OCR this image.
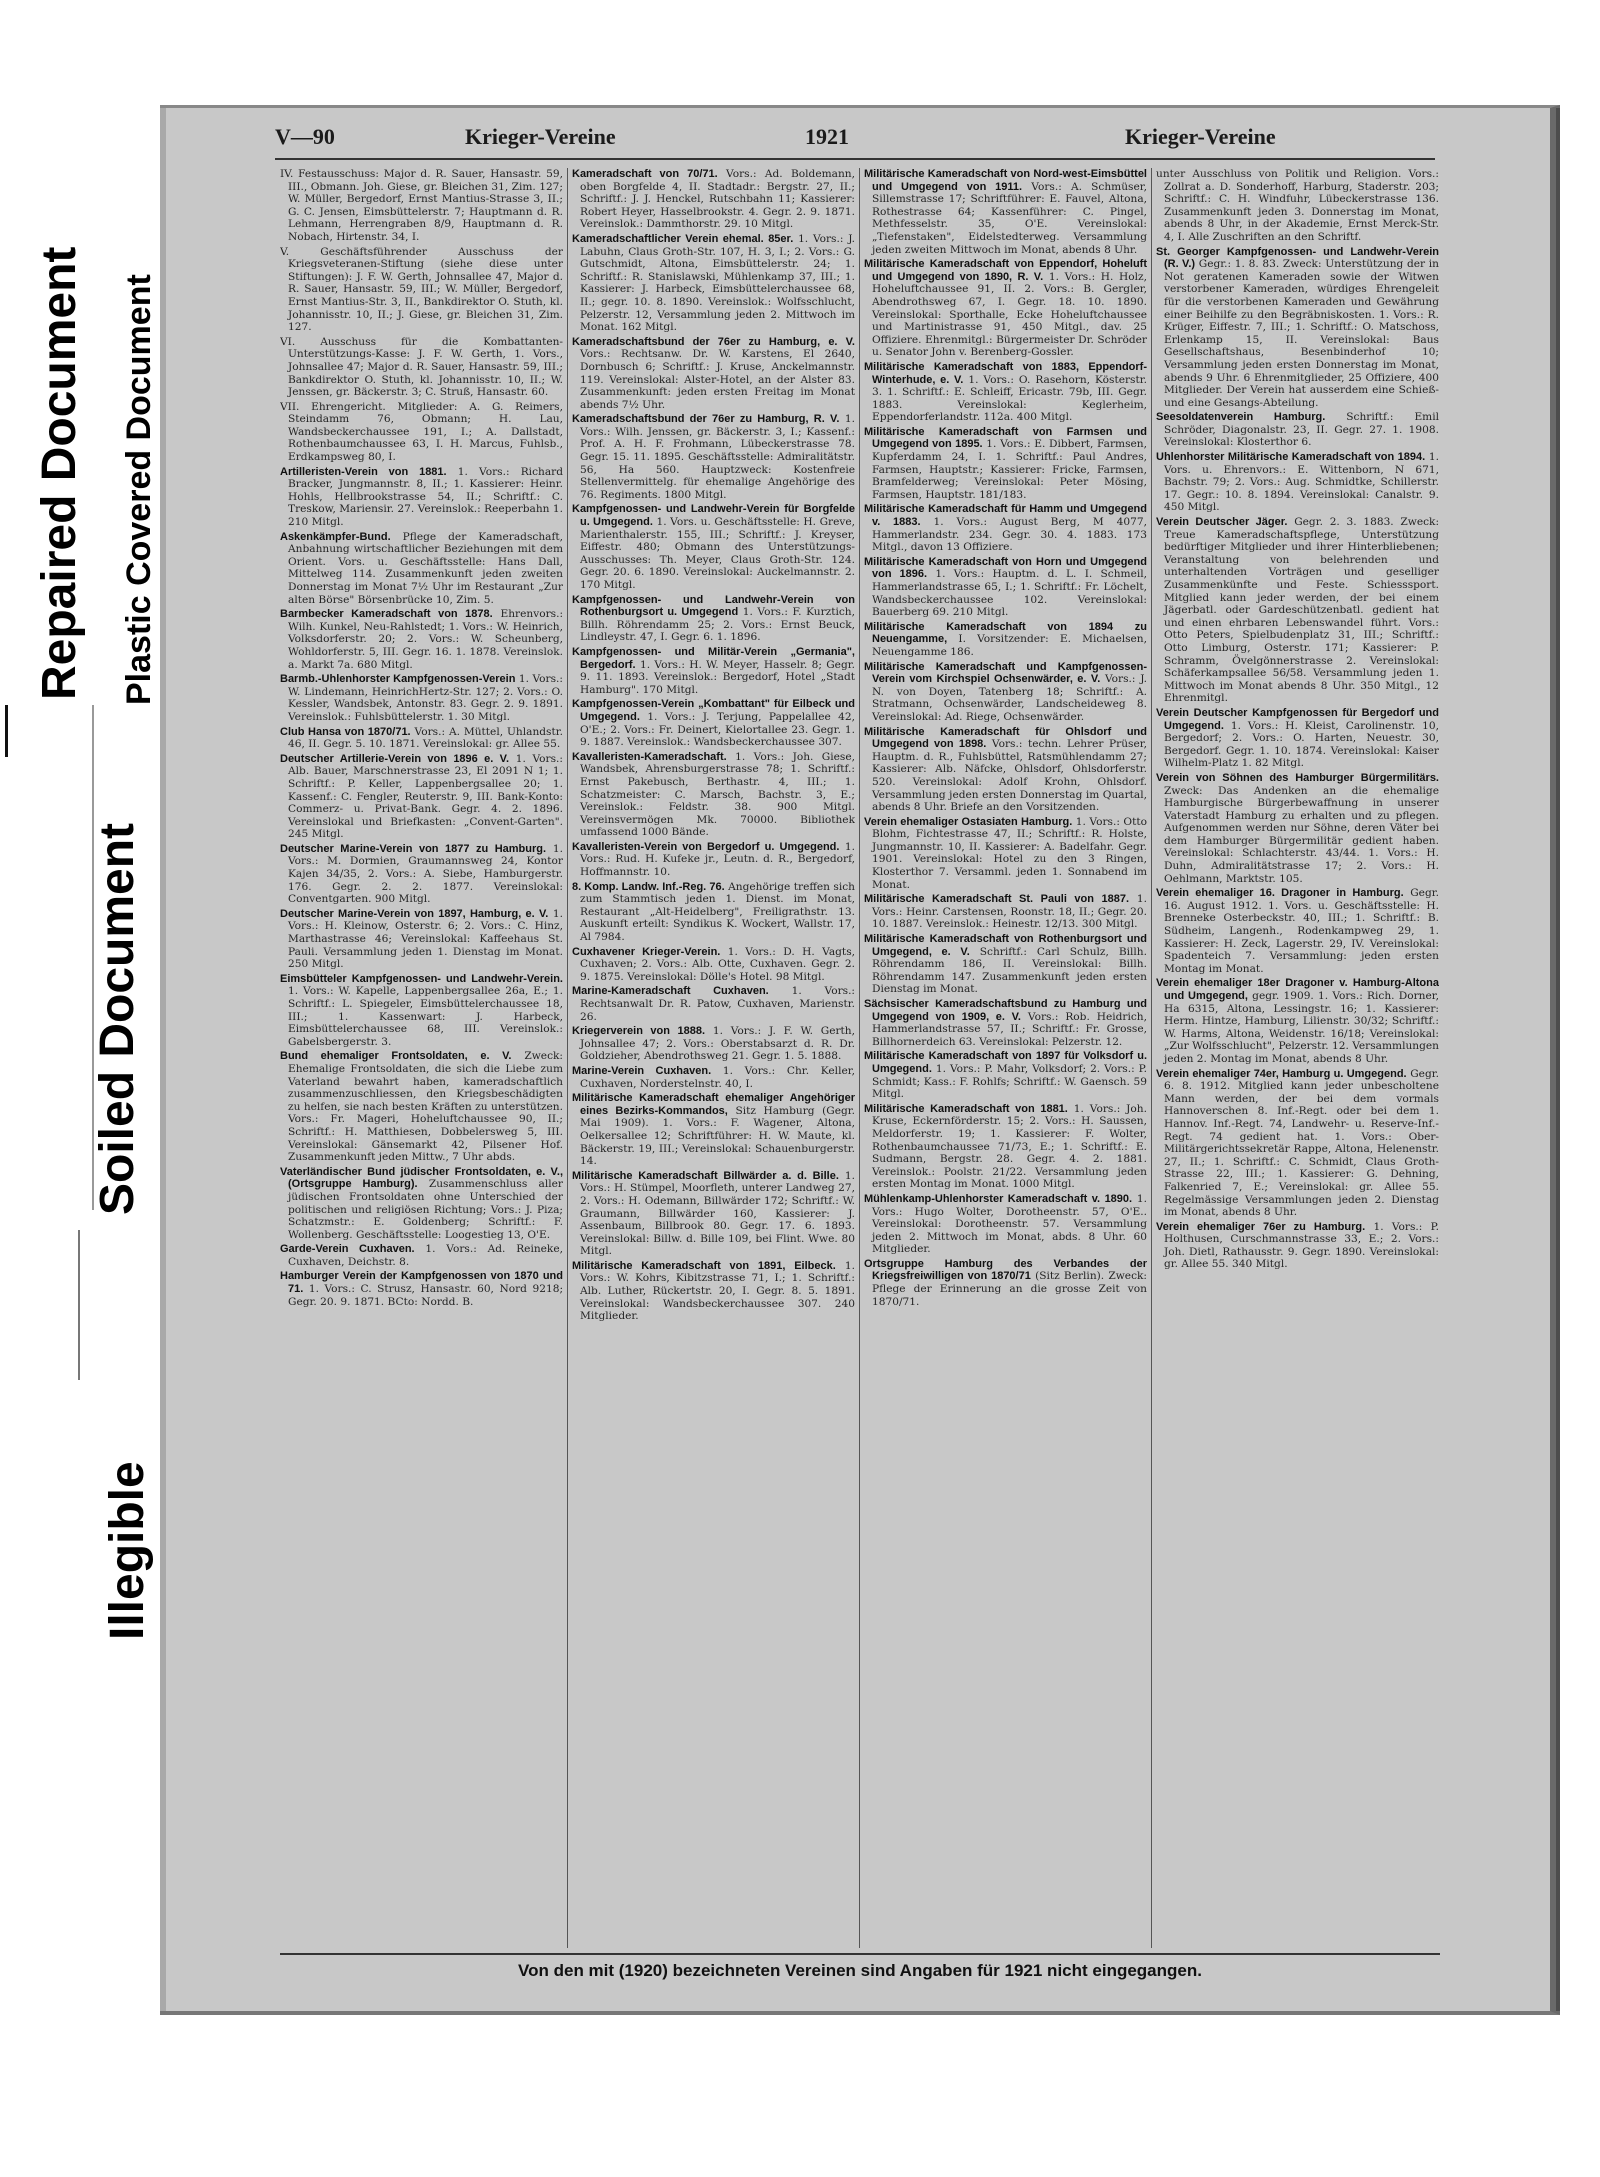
Repaired Document Plastic Covered Document
Soiled Document
Illegible
V—90	Krieger-Vereine	1921	Krieger-Vereine
IV. Festausschuss: Major d. R. Sauer, Hansastr. 59, III., Obmann. Joh. Giese, gr. Bleichen 31, Zim. 127; W. Müller, Bergedorf, Ernst Mantius-Strasse 3, II.; G. C. Jensen, Eimsbüttelerstr. 7; Hauptmann d. R. Lehmann, Herrengraben 8/9, Hauptmann d. R. Nobach, Hirtenstr. 34, I.
V. Geschäftsführender Ausschuss der Kriegsveteranen-Stiftung (siehe diese unter Stiftungen): J. F. W. Gerth, Johnsallee 47, Major d. R. Sauer, Hansastr. 59, III.; W. Müller, Bergedorf, Ernst Mantius-Str. 3, II., Bankdirektor O. Stuth, kl. Johannisstr. 10, II.; J. Giese, gr. Bleichen 31, Zim. 127.
VI. Ausschuss für die Kombattanten-Unterstützungs-Kasse: J. F. W. Gerth, 1. Vors., Johnsallee 47; Major d. R. Sauer, Hansastr. 59, III.; Bankdirektor O. Stuth, kl. Johannisstr. 10, II.; W. Jenssen, gr. Bäckerstr. 3; C. Struß, Hansastr. 60.
VII. Ehrengericht. Mitglieder: A. G. Reimers, Steindamm 76, Obmann; H. Lau, Wandsbeckerchaussee 191, I.; A. Dallstadt, Rothenbaumchaussee 63, I. H. Marcus, Fuhlsb., Erdkampsweg 80, I.
Artilleristen-Verein von 1881. 1. Vors.: Richard Bracker, Jungmannstr. 8, II.; 1. Kassierer: Heinr. Hohls, Hellbrookstrasse 54, II.; Schriftf.: C. Treskow, Mariensir. 27. Vereinslok.: Reeperbahn 1. 210 Mitgl.
Askenkämpfer-Bund. Pflege der Kameradschaft, Anbahnung wirtschaftlicher Beziehungen mit dem Orient. Vors. u. Geschäftsstelle: Hans Dall, Mittelweg 114. Zusammenkunft jeden zweiten Donnerstag im Monat 7½ Uhr im Restaurant „Zur alten Börse" Börsenbrücke 10, Zim. 5.
Barmbecker Kameradschaft von 1878. Ehrenvors.: Wilh. Kunkel, Neu-Rahlstedt; 1. Vors.: W. Heinrich, Volksdorferstr. 20; 2. Vors.: W. Scheunberg, Wohldorferstr. 5, III. Gegr. 16. 1. 1878. Vereinslok. a. Markt 7a. 680 Mitgl.
Barmb.-Uhlenhorster Kampfgenossen-Verein 1. Vors.: W. Lindemann, HeinrichHertz-Str. 127; 2. Vors.: O. Kessler, Wandsbek, Antonstr. 83. Gegr. 2. 9. 1891. Vereinslok.: Fuhlsbüttelerstr. 1. 30 Mitgl.
Club Hansa von 1870/71. Vors.: A. Müttel, Uhlandstr. 46, II. Gegr. 5. 10. 1871. Vereinslokal: gr. Allee 55.
Deutscher Artillerie-Verein von 1896 e. V. 1. Vors.: Alb. Bauer, Marschnerstrasse 23, El 2091 N 1; 1. Schriftf.: P. Keller, Lappenbergsallee 20; 1. Kassenf.: C. Fengler, Reuterstr. 9, III. Bank-Konto: Commerz- u. Privat-Bank. Gegr. 4. 2. 1896. Vereinslokal und Briefkasten: „Convent-Garten". 245 Mitgl.
Deutscher Marine-Verein von 1877 zu Hamburg. 1. Vors.: M. Dormien, Graumannsweg 24, Kontor Kajen 34/35, 2. Vors.: A. Siebe, Hamburgerstr. 176. Gegr. 2. 2. 1877. Vereinslokal: Conventgarten. 900 Mitgl.
Deutscher Marine-Verein von 1897, Hamburg, e. V. 1. Vors.: H. Kleinow, Osterstr. 6; 2. Vors.: C. Hinz, Marthastrasse 46; Vereinslokal: Kaffeehaus St. Pauli. Versammlung jeden 1. Dienstag im Monat. 250 Mitgl.
Eimsbütteler Kampfgenossen- und Landwehr-Verein. 1. Vors.: W. Kapelle, Lappenbergsallee 26a, E.; 1. Schriftf.: L. Spiegeler, Eimsbüttelerchaussee 18, III.; 1. Kassenwart: J. Harbeck, Eimsbüttelerchaussee 68, III. Vereinslok.: Gabelsbergerstr. 3.
Bund ehemaliger Frontsoldaten, e. V. Zweck: Ehemalige Frontsoldaten, die sich die Liebe zum Vaterland bewahrt haben, kameradschaftlich zusammenzuschliessen, den Kriegsbeschädigten zu helfen, sie nach besten Kräften zu unterstützen. Vors.: Fr. Mageri, Hoheluftchaussee 90, II.; Schriftf.: H. Matthiesen, Dobbelersweg 5, III. Vereinslokal: Gänsemarkt 42, Pilsener Hof. Zusammenkunft jeden Mittw., 7 Uhr abds.
Vaterländischer Bund jüdischer Frontsoldaten, e. V., (Ortsgruppe Hamburg). Zusammenschluss aller jüdischen Frontsoldaten ohne Unterschied der politischen und religiösen Richtung; Vors.: J. Piza; Schatzmstr.: E. Goldenberg; Schriftf.: F. Wollenberg. Geschäftsstelle: Loogestieg 13, O'E.
Garde-Verein Cuxhaven. 1. Vors.: Ad. Reineke, Cuxhaven, Deichstr. 8.
Hamburger Verein der Kampfgenossen von 1870 und 71. 1. Vors.: C. Strusz, Hansastr. 60, Nord 9218; Gegr. 20. 9. 1871. BCto: Nordd. B.
Kameradschaft von 70/71. Vors.: Ad. Boldemann, oben Borgfelde 4, II. Stadtadr.: Bergstr. 27, II.; Schriftf.: J. J. Henckel, Rutschbahn 11; Kassierer: Robert Heyer, Hasselbrookstr. 4. Gegr. 2. 9. 1871. Vereinslok.: Dammthorstr. 29. 10 Mitgl.
Kameradschaftlicher Verein ehemal. 85er. 1. Vors.: J. Labuhn, Claus Groth-Str. 107, H. 3, I.; 2. Vors.: G. Gutschmidt, Altona, Eimsbüttelerstr. 24; 1. Schriftf.: R. Stanislawski, Mühlenkamp 37, III.; 1. Kassierer: J. Harbeck, Eimsbüttelerchaussee 68, II.; gegr. 10. 8. 1890. Vereinslok.: Wolfsschlucht, Pelzerstr. 12, Versammlung jeden 2. Mittwoch im Monat. 162 Mitgl.
Kameradschaftsbund der 76er zu Hamburg, e. V. Vors.: Rechtsanw. Dr. W. Karstens, El 2640, Dornbusch 6; Schriftf.: J. Kruse, Anckelmannstr. 119. Vereinslokal: Alster-Hotel, an der Alster 83. Zusammenkunft: jeden ersten Freitag im Monat abends 7½ Uhr.
Kameradschaftsbund der 76er zu Hamburg, R. V. 1. Vors.: Wilh. Jenssen, gr. Bäckerstr. 3, I.; Kassenf.: Prof. A. H. F. Frohmann, Lübeckerstrasse 78. Gegr. 15. 11. 1895. Geschäftsstelle: Admiralitätstr. 56, Ha 560. Hauptzweck: Kostenfreie Stellenvermittelg. für ehemalige Angehörige des 76. Regiments. 1800 Mitgl.
Kampfgenossen- und Landwehr-Verein für Borgfelde u. Umgegend. 1. Vors. u. Geschäftsstelle: H. Greve, Marienthalerstr. 155, III.; Schriftf.: J. Kreyser, Eiffestr. 480; Obmann des Unterstützungs-Ausschusses: Th. Meyer, Claus Groth-Str. 124. Gegr. 20. 6. 1890. Vereinslokal: Auckelmannstr. 2. 170 Mitgl.
Kampfgenossen- und Landwehr-Verein von Rothenburgsort u. Umgegend 1. Vors.: F. Kurztich, Billh. Röhrendamm 25; 2. Vors.: Ernst Beuck, Lindleystr. 47, I. Gegr. 6. 1. 1896.
Kampfgenossen- und Militär-Verein „Germania", Bergedorf. 1. Vors.: H. W. Meyer, Hasselr. 8; Gegr. 9. 11. 1893. Vereinslok.: Bergedorf, Hotel „Stadt Hamburg". 170 Mitgl.
Kampfgenossen-Verein „Kombattant" für Eilbeck und Umgegend. 1. Vors.: J. Terjung, Pappelallee 42, O'E.; 2. Vors.: Fr. Deinert, Kielortallee 23. Gegr. 1. 9. 1887. Vereinslok.: Wandsbeckerchaussee 307.
Kavalleristen-Kameradschaft. 1. Vors.: Joh. Giese, Wandsbek, Ahrensburgerstrasse 78; 1. Schriftf.: Ernst Pakebusch, Berthastr. 4, III.; 1. Schatzmeister: C. Marsch, Bachstr. 3, E.; Vereinslok.: Feldstr. 38. 900 Mitgl. Vereinsvermögen Mk. 70000. Bibliothek umfassend 1000 Bände.
Kavalleristen-Verein von Bergedorf u. Umgegend. 1. Vors.: Rud. H. Kufeke jr., Leutn. d. R., Bergedorf, Hoffmannstr. 10.
8. Komp. Landw. Inf.-Reg. 76. Angehörige treffen sich zum Stammtisch jeden 1. Dienst. im Monat, Restaurant „Alt-Heidelberg", Freiligrathstr. 13. Auskunft erteilt: Syndikus K. Wockert, Wallstr. 17, Al 7984.
Cuxhavener Krieger-Verein. 1. Vors.: D. H. Vagts, Cuxhaven; 2. Vors.: Alb. Otte, Cuxhaven. Gegr. 2. 9. 1875. Vereinslokal: Dölle's Hotel. 98 Mitgl.
Marine-Kameradschaft Cuxhaven. 1. Vors.: Rechtsanwalt Dr. R. Patow, Cuxhaven, Marienstr. 26.
Kriegerverein von 1888. 1. Vors.: J. F. W. Gerth, Johnsallee 47; 2. Vors.: Oberstabsarzt d. R. Dr. Goldzieher, Abendrothsweg 21. Gegr. 1. 5. 1888.
Marine-Verein Cuxhaven. 1. Vors.: Chr. Keller, Cuxhaven, Norderstelnstr. 40, I.
Militärische Kameradschaft ehemaliger Angehöriger eines Bezirks-Kommandos, Sitz Hamburg (Gegr. Mai 1909). 1. Vors.: F. Wagener, Altona, Oelkersallee 12; Schriftführer: H. W. Maute, kl. Bäckerstr. 19, III.; Vereinslokal: Schauenburgerstr. 14.
Militärische Kameradschaft Billwärder a. d. Bille. 1. Vors.: H. Stümpel, Moorfleth, unterer Landweg 27, 2. Vors.: H. Odemann, Billwärder 172; Schriftf.: W. Graumann, Billwärder 160, Kassierer: J. Assenbaum, Billbrook 80. Gegr. 17. 6. 1893. Vereinslokal: Billw. d. Bille 109, bei Flint. Wwe. 80 Mitgl.
Militärische Kameradschaft von 1891, Eilbeck. 1. Vors.: W. Kohrs, Kibitzstrasse 71, I.; 1. Schriftf.: Alb. Luther, Rückertstr. 20, I. Gegr. 8. 5. 1891. Vereinslokal: Wandsbeckerchaussee 307. 240 Mitglieder.
Militärische Kameradschaft von Nord-west-Eimsbüttel und Umgegend von 1911. Vors.: A. Schmüser, Sillemstrasse 17; Schriftführer: E. Fauvel, Altona, Rothestrasse 64; Kassenführer: C. Pingel, Methfesselstr. 35, O'E. Vereinslokal: „Tiefenstaken", Eidelstedterweg. Versammlung jeden zweiten Mittwoch im Monat, abends 8 Uhr.
Militärische Kameradschaft von Eppendorf, Hoheluft und Umgegend von 1890, R. V. 1. Vors.: H. Holz, Hoheluftchaussee 91, II. 2. Vors.: B. Gergler, Abendrothsweg 67, I. Gegr. 18. 10. 1890. Vereinslokal: Sporthalle, Ecke Hoheluftchaussee und Martinistrasse 91, 450 Mitgl., dav. 25 Offiziere. Ehrenmitgl.: Bürgermeister Dr. Schröder u. Senator John v. Berenberg-Gossler.
Militärische Kameradschaft von 1883, Eppendorf-Winterhude, e. V. 1. Vors.: O. Rasehorn, Kösterstr. 3. 1. Schriftf.: E. Schleiff, Ericastr. 79b, III. Gegr. 1883. Vereinslokal: Keglerheim, Eppendorferlandstr. 112a. 400 Mitgl.
Militärische Kameradschaft von Farmsen und Umgegend von 1895. 1. Vors.: E. Dibbert, Farmsen, Kupferdamm 24, I. 1. Schriftf.: Paul Andres, Farmsen, Hauptstr.; Kassierer: Fricke, Farmsen, Bramfelderweg; Vereinslokal: Peter Mösing, Farmsen, Hauptstr. 181/183.
Militärische Kameradschaft für Hamm und Umgegend v. 1883. 1. Vors.: August Berg, M 4077, Hammerlandstr. 234. Gegr. 30. 4. 1883. 173 Mitgl., davon 13 Offiziere.
Militärische Kameradschaft von Horn und Umgegend von 1896. 1. Vors.: Hauptm. d. L. I. Schmeil, Hammerlandstrasse 65, I.; 1. Schriftf.: Fr. Löchelt, Wandsbeckerchaussee 102. Vereinslokal: Bauerberg 69. 210 Mitgl.
Militärische Kameradschaft von 1894 zu Neuengamme, I. Vorsitzender: E. Michaelsen, Neuengamme 186.
Militärische Kameradschaft und Kampfgenossen-Verein vom Kirchspiel Ochsenwärder, e. V. Vors.: J. N. von Doyen, Tatenberg 18; Schriftf.: A. Stratmann, Ochsenwärder, Landscheideweg 8. Vereinslokal: Ad. Riege, Ochsenwärder.
Militärische Kameradschaft für Ohlsdorf und Umgegend von 1898. Vors.: techn. Lehrer Prüser, Hauptm. d. R., Fuhlsbüttel, Ratsmühlendamm 27; Kassierer: Alb. Näfcke, Ohlsdorf, Ohlsdorferstr. 520. Vereinslokal: Adolf Krohn, Ohlsdorf. Versammlung jeden ersten Donnerstag im Quartal, abends 8 Uhr. Briefe an den Vorsitzenden.
Verein ehemaliger Ostasiaten Hamburg. 1. Vors.: Otto Blohm, Fichtestrasse 47, II.; Schriftf.: R. Holste, Jungmannstr. 10, II. Kassierer: A. Badelfahr. Gegr. 1901. Vereinslokal: Hotel zu den 3 Ringen, Klosterthor 7. Versamml. jeden 1. Sonnabend im Monat.
Militärische Kameradschaft St. Pauli von 1887. 1. Vors.: Heinr. Carstensen, Roonstr. 18, II.; Gegr. 20. 10. 1887. Vereinslok.: Heinestr. 12/13. 300 Mitgl.
Militärische Kameradschaft von Rothenburgsort und Umgegend, e. V. Schriftf.: Carl Schulz, Billh. Röhrendamm 186, II. Vereinslokal: Billh. Röhrendamm 147. Zusammenkunft jeden ersten Dienstag im Monat.
Sächsischer Kameradschaftsbund zu Hamburg und Umgegend von 1909, e. V. Vors.: Rob. Heidrich, Hammerlandstrasse 57, II.; Schriftf.: Fr. Grosse, Billhornerdeich 63. Vereinslokal: Pelzerstr. 12.
Militärische Kameradschaft von 1897 für Volksdorf u. Umgegend. 1. Vors.: P. Mahr, Volksdorf; 2. Vors.: P. Schmidt; Kass.: F. Rohlfs; Schriftf.: W. Gaensch. 59 Mitgl.
Militärische Kameradschaft von 1881. 1. Vors.: Joh. Kruse, Eckernförderstr. 15; 2. Vors.: H. Saussen, Meldorferstr. 19; 1. Kassierer: F. Wolter, Rothenbaumchaussee 71/73, E.; 1. Schriftf.: E. Sudmann, Bergstr. 28. Gegr. 4. 2. 1881. Vereinslok.: Poolstr. 21/22. Versammlung jeden ersten Montag im Monat. 1000 Mitgl.
Mühlenkamp-Uhlenhorster Kameradschaft v. 1890. 1. Vors.: Hugo Wolter, Dorotheenstr. 57, O'E.. Vereinslokal: Dorotheenstr. 57. Versammlung jeden 2. Mittwoch im Monat, abds. 8 Uhr. 60 Mitglieder.
Ortsgruppe Hamburg des Verbandes der Kriegsfreiwilligen von 1870/71 (Sitz Berlin). Zweck: Pflege der Erinnerung an die grosse Zeit von 1870/71.
unter Ausschluss von Politik und Religion. Vors.: Zollrat a. D. Sonderhoff, Harburg, Staderstr. 203; Schriftf.: C. H. Windfuhr, Lübeckerstrasse 136. Zusammenkunft jeden 3. Donnerstag im Monat, abends 8 Uhr, in der Akademie, Ernst Merck-Str. 4, I. Alle Zuschriften an den Schriftf.
St. Georger Kampfgenossen- und Landwehr-Verein (R. V.) Gegr.: 1. 8. 83. Zweck: Unterstützung der in Not geratenen Kameraden sowie der Witwen verstorbener Kameraden, würdiges Ehrengeleit für die verstorbenen Kameraden und Gewährung einer Beihilfe zu den Begräbniskosten. 1. Vors.: R. Krüger, Eiffestr. 7, III.; 1. Schriftf.: O. Matschoss, Erlenkamp 15, II. Vereinslokal: Baus Gesellschaftshaus, Besenbinderhof 10; Versammlung jeden ersten Donnerstag im Monat, abends 9 Uhr. 6 Ehrenmitglieder, 25 Offiziere, 400 Mitglieder. Der Verein hat ausserdem eine Schieß- und eine Gesangs-Abteilung.
Seesoldatenverein Hamburg. Schriftf.: Emil Schröder, Diagonalstr. 23, II. Gegr. 27. 1. 1908. Vereinslokal: Klosterthor 6.
Uhlenhorster Militärische Kameradschaft von 1894. 1. Vors. u. Ehrenvors.: E. Wittenborn, N 671, Bachstr. 79; 2. Vors.: Aug. Schmidtke, Schillerstr. 17. Gegr.: 10. 8. 1894. Vereinslokal: Canalstr. 9. 450 Mitgl.
Verein Deutscher Jäger. Gegr. 2. 3. 1883. Zweck: Treue Kameradschaftspflege, Unterstützung bedürftiger Mitglieder und ihrer Hinterbliebenen; Veranstaltung von belehrenden und unterhaltenden Vorträgen und geselliger Zusammenkünfte und Feste. Schiesssport. Mitglied kann jeder werden, der bei einem Jägerbatl. oder Gardeschützenbatl. gedient hat und einen ehrbaren Lebenswandel führt. Vors.: Otto Peters, Spielbudenplatz 31, III.; Schriftf.: Otto Limburg, Osterstr. 171; Kassierer: P. Schramm, Övelgönnerstrasse 2. Vereinslokal: Schäferkampsallee 56/58. Versammlung jeden 1. Mittwoch im Monat abends 8 Uhr. 350 Mitgl., 12 Ehrenmitgl.
Verein Deutscher Kampfgenossen für Bergedorf und Umgegend. 1. Vors.: H. Kleist, Carolinenstr. 10, Bergedorf; 2. Vors.: O. Harten, Neuestr. 30, Bergedorf. Gegr. 1. 10. 1874. Vereinslokal: Kaiser Wilhelm-Platz 1. 82 Mitgl.
Verein von Söhnen des Hamburger Bürgermilitärs. Zweck: Das Andenken an die ehemalige Hamburgische Bürgerbewaffnung in unserer Vaterstadt Hamburg zu erhalten und zu pflegen. Aufgenommen werden nur Söhne, deren Väter bei dem Hamburger Bürgermilitär gedient haben. Vereinslokal: Schlachterstr. 43/44. 1. Vors.: H. Duhn, Admiralitätstrasse 17; 2. Vors.: H. Oehlmann, Marktstr. 105.
Verein ehemaliger 16. Dragoner in Hamburg. Gegr. 16. August 1912. 1. Vors. u. Geschäftsstelle: H. Brenneke Osterbeckstr. 40, III.; 1. Schriftf.: B. Südheim, Langenh., Rodenkampweg 29, 1. Kassierer: H. Zeck, Lagerstr. 29, IV. Vereinslokal: Spadenteich 7. Versammlung: jeden ersten Montag im Monat.
Verein ehemaliger 18er Dragoner v. Hamburg-Altona und Umgegend, gegr. 1909. 1. Vors.: Rich. Dorner, Ha 6315, Altona, Lessingstr. 16; 1. Kassierer: Herm. Hintze, Hamburg, Lilienstr. 30/32; Schriftf.: W. Harms, Altona, Weidenstr. 16/18; Vereinslokal: „Zur Wolfsschlucht", Pelzerstr. 12. Versammlungen jeden 2. Montag im Monat, abends 8 Uhr.
Verein ehemaliger 74er, Hamburg u. Umgegend. Gegr. 6. 8. 1912. Mitglied kann jeder unbescholtene Mann werden, der bei dem vormals Hannoverschen 8. Inf.-Regt. oder bei dem 1. Hannov. Inf.-Regt. 74, Landwehr- u. Reserve-Inf.-Regt. 74 gedient hat. 1. Vors.: Ober-Militärgerichtssekretär Rappe, Altona, Helenenstr. 27, II.; 1. Schriftf.: C. Schmidt, Claus Groth-Strasse 22, III.; 1. Kassierer: G. Dehning, Falkenried 7, E.; Vereinslokal: gr. Allee 55. Regelmässige Versammlungen jeden 2. Dienstag im Monat, abends 8 Uhr.
Verein ehemaliger 76er zu Hamburg. 1. Vors.: P. Holthusen, Curschmannstrasse 33, E.; 2. Vors.: Joh. Dietl, Rathausstr. 9. Gegr. 1890. Vereinslokal: gr. Allee 55. 340 Mitgl.
Von den mit (1920) bezeichneten Vereinen sind Angaben für 1921 nicht eingegangen.
